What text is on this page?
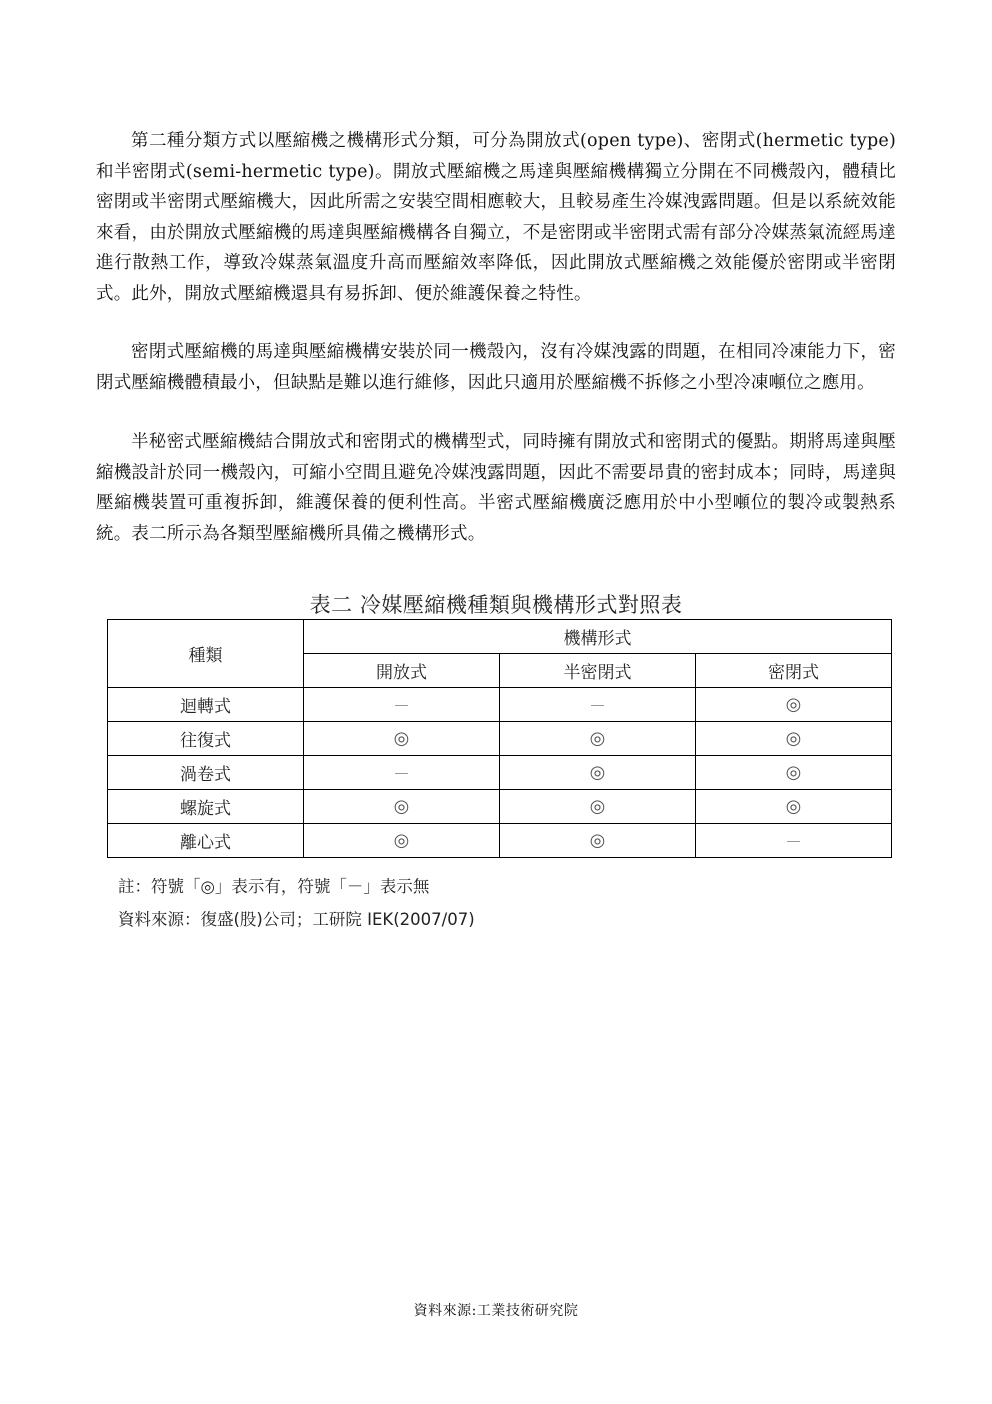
第二種分類方式以壓縮機之機構形式分類，可分為開放式(open type)、密閉式(hermetic type)和半密閉式(semi-hermetic type)。開放式壓縮機之馬達與壓縮機構獨立分開在不同機殼內，體積比密閉或半密閉式壓縮機大，因此所需之安裝空間相應較大，且較易產生冷媒洩露問題。但是以系統效能來看，由於開放式壓縮機的馬達與壓縮機構各自獨立，不是密閉或半密閉式需有部分冷媒蒸氣流經馬達進行散熱工作，導致冷媒蒸氣溫度升高而壓縮效率降低，因此開放式壓縮機之效能優於密閉或半密閉式。此外，開放式壓縮機還具有易拆卸、便於維護保養之特性。

密閉式壓縮機的馬達與壓縮機構安裝於同一機殼內，沒有冷媒洩露的問題，在相同冷凍能力下，密閉式壓縮機體積最小，但缺點是難以進行維修，因此只適用於壓縮機不拆修之小型冷凍噸位之應用。

半秘密式壓縮機結合開放式和密閉式的機構型式，同時擁有開放式和密閉式的優點。期將馬達與壓縮機設計於同一機殼內，可縮小空間且避免冷媒洩露問題，因此不需要昂貴的密封成本；同時，馬達與壓縮機裝置可重複拆卸，維護保養的便利性高。半密式壓縮機廣泛應用於中小型噸位的製冷或製熱系統。表二所示為各類型壓縮機所具備之機構形式。

表二 冷媒壓縮機種類與機構形式對照表
種類	機構形式		
	開放式	半密閉式	密閉式
迴轉式	－	－	◎
往復式	◎	◎	◎
渦卷式	－	◎	◎
螺旋式	◎	◎	◎
離心式	◎	◎	－
註：符號「◎」表示有，符號「－」表示無
資料來源：復盛(股)公司；工研院 IEK(2007/07)
資料來源:工業技術研究院
